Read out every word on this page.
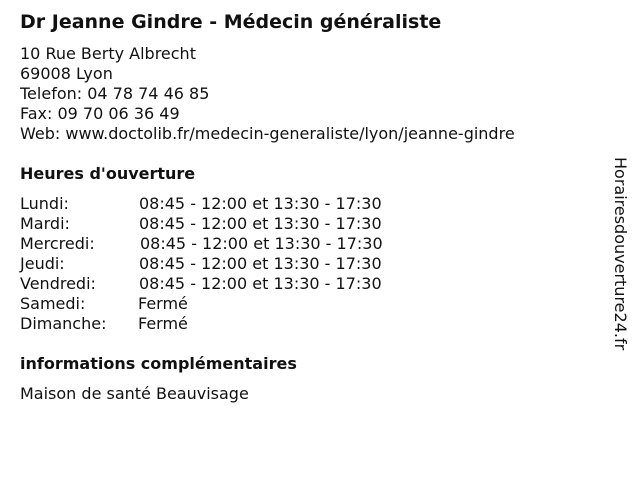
Dr Jeanne Gindre - Médecin généraliste
10 Rue Berty Albrecht
69008 Lyon
Telefon: 04 78 74 46 85
Fax: 09 70 06 36 49
Web: www.doctolib.fr/medecin-generaliste/lyon/jeanne-gindre
Heures d'ouverture
Lundi:	08:45 - 12:00 et 13:30 - 17:30
Mardi:	08:45 - 12:00 et 13:30 - 17:30
Mercredi:	08:45 - 12:00 et 13:30 - 17:30
Jeudi:	08:45 - 12:00 et 13:30 - 17:30
Vendredi:	08:45 - 12:00 et 13:30 - 17:30
Samedi:	Fermé
Dimanche: Fermé
informations complémentaires
Maison de santé Beauvisage
Horairesdouverture24.fr
